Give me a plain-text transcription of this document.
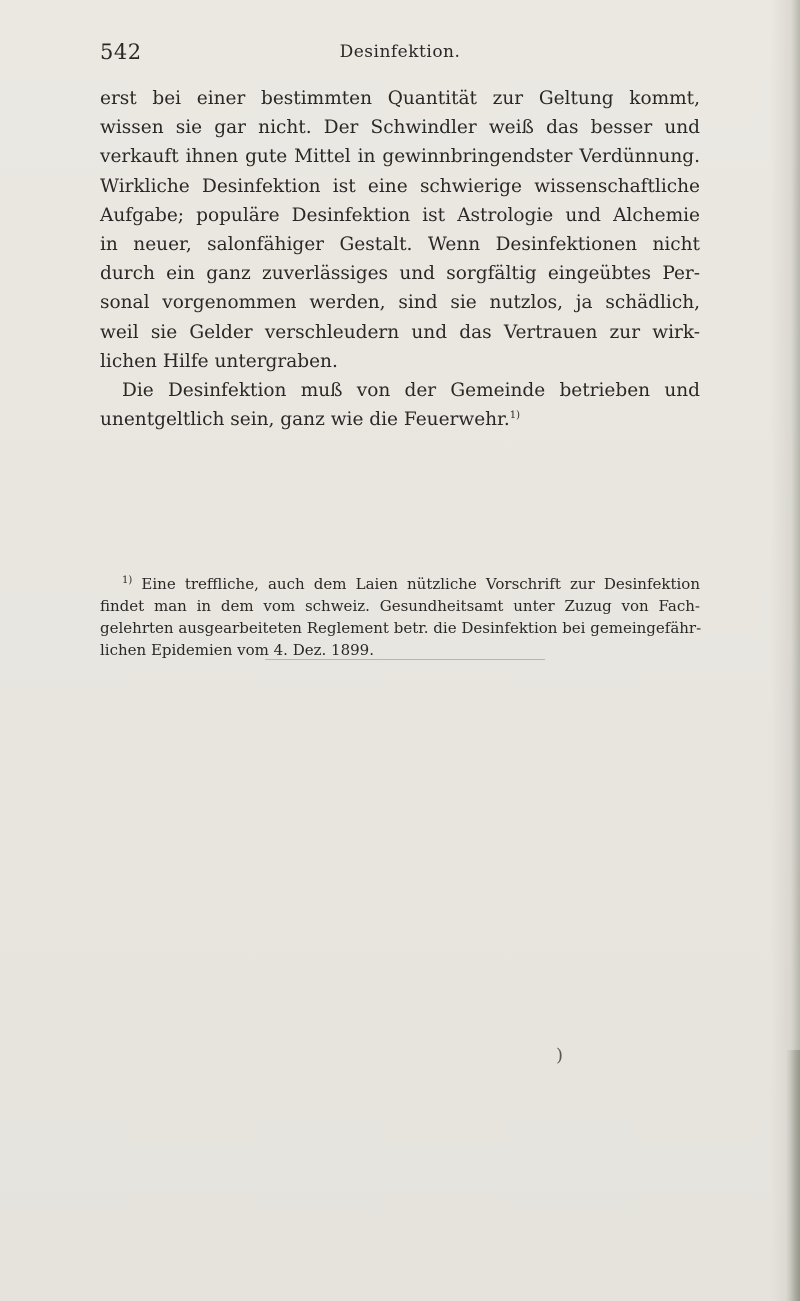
542	Desinfektion.
erst bei einer bestimmten Quantität zur Geltung kommt,
wissen sie gar nicht. Der Schwindler weiß das besser und
verkauft ihnen gute Mittel in gewinnbringendster Verdünnung.
Wirkliche Desinfektion ist eine schwierige wissenschaftliche
Aufgabe; populäre Desinfektion ist Astrologie und Alchemie
in neuer, salonfähiger Gestalt. Wenn Desinfektionen nicht
durch ein ganz zuverlässiges und sorgfältig eingeübtes Per-
sonal vorgenommen werden, sind sie nutzlos, ja schädlich,
weil sie Gelder verschleudern und das Vertrauen zur wirk-
lichen Hilfe untergraben.
Die Desinfektion muß von der Gemeinde betrieben und
unentgeltlich sein, ganz wie die Feuerwehr.$^{1)}$
$^{1)}$ Eine treffliche, auch dem Laien nützliche Vorschrift zur Desinfektion
findet man in dem vom schweiz. Gesundheitsamt unter Zuzug von Fach-
gelehrten ausgearbeiteten Reglement betr. die Desinfektion bei gemeingefähr-
lichen Epidemien vom 4. Dez. 1899.
)
